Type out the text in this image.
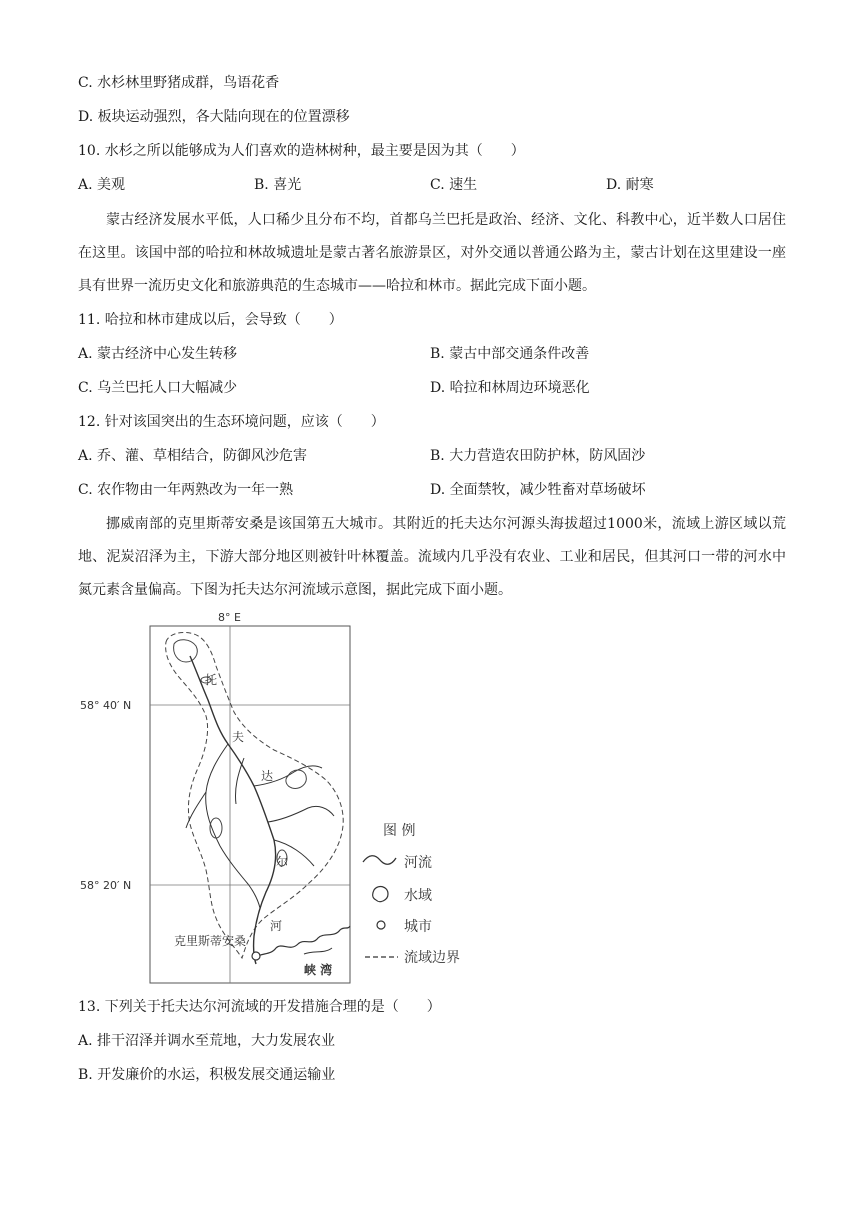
C. 水杉林里野猪成群，鸟语花香
D. 板块运动强烈，各大陆向现在的位置漂移
10. 水杉之所以能够成为人们喜欢的造林树种，最主要是因为其（　　）
A. 美观	B. 喜光	C. 速生	D. 耐寒
蒙古经济发展水平低，人口稀少且分布不均，首都乌兰巴托是政治、经济、文化、科教中心，近半数人口居住在这里。该国中部的哈拉和林故城遗址是蒙古著名旅游景区，对外交通以普通公路为主，蒙古计划在这里建设一座具有世界一流历史文化和旅游典范的生态城市——哈拉和林市。据此完成下面小题。
11. 哈拉和林市建成以后，会导致（　　）
A. 蒙古经济中心发生转移	B. 蒙古中部交通条件改善
C. 乌兰巴托人口大幅减少	D. 哈拉和林周边环境恶化
12. 针对该国突出的生态环境问题，应该（　　）
A. 乔、灌、草相结合，防御风沙危害	B. 大力营造农田防护林，防风固沙
C. 农作物由一年两熟改为一年一熟	D. 全面禁牧，减少牲畜对草场破坏
挪威南部的克里斯蒂安桑是该国第五大城市。其附近的托夫达尔河源头海拔超过1000米，流域上游区域以荒地、泥炭沼泽为主，下游大部分地区则被针叶林覆盖。流域内几乎没有农业、工业和居民，但其河口一带的河水中氮元素含量偏高。下图为托夫达尔河流域示意图，据此完成下面小题。
8° E
58° 40′ N
58° 20′ N
托
夫
达
尔
河
克里斯蒂安桑
峡 湾
图 例
河流
水域
城市
流域边界
13. 下列关于托夫达尔河流域的开发措施合理的是（　　）
A. 排干沼泽并调水至荒地，大力发展农业
B. 开发廉价的水运，积极发展交通运输业
